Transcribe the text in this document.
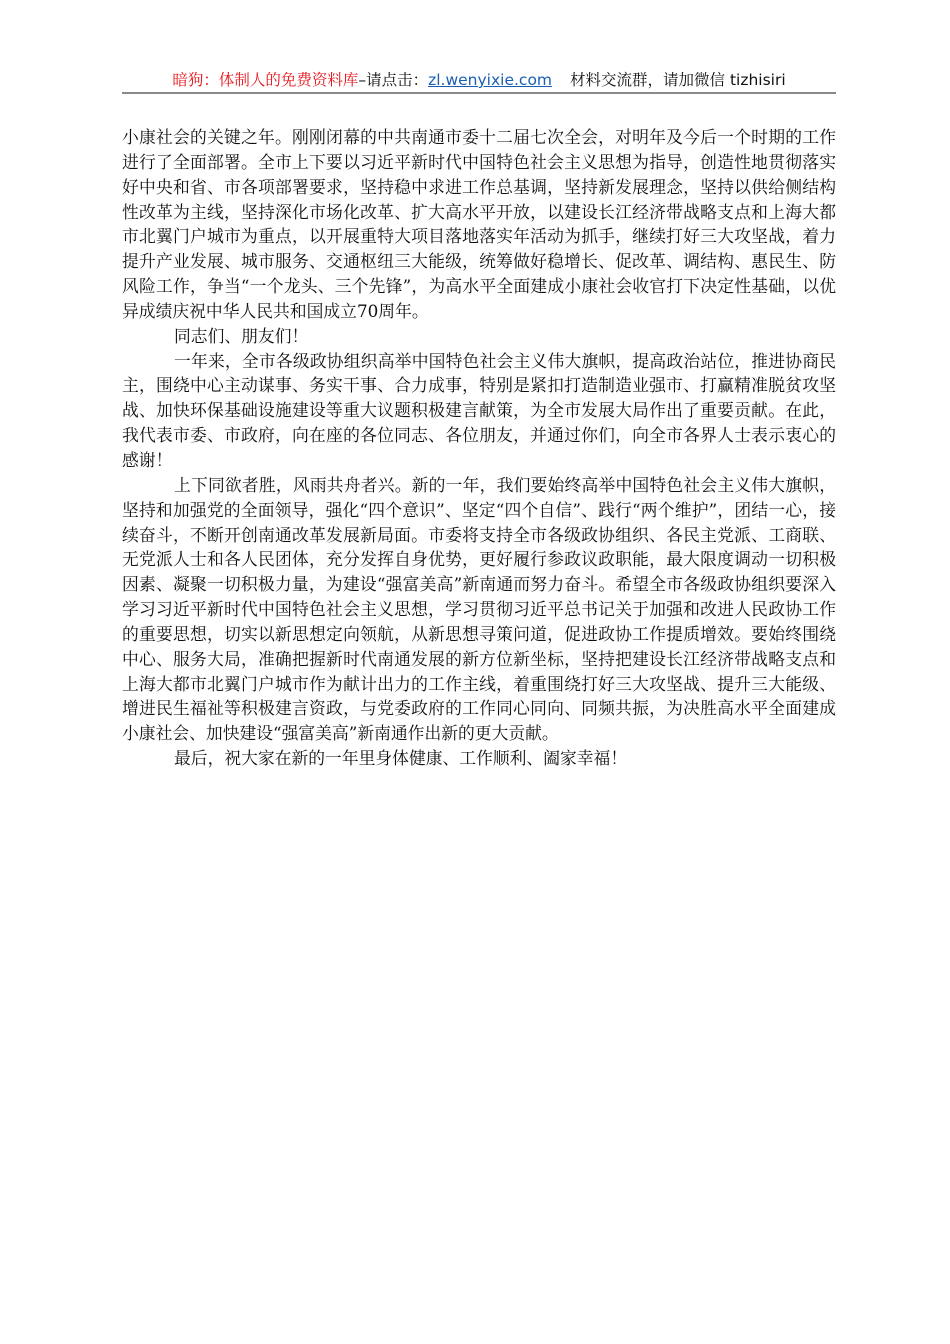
暗狗：体制人的免费资料库–请点击：zl.wenyixie.com 材料交流群，请加微信 tizhisiri

小康社会的关键之年。刚刚闭幕的中共南通市委十二届七次全会，对明年及今后一个时期的工作进行了全面部署。全市上下要以习近平新时代中国特色社会主义思想为指导，创造性地贯彻落实好中央和省、市各项部署要求，坚持稳中求进工作总基调，坚持新发展理念，坚持以供给侧结构性改革为主线，坚持深化市场化改革、扩大高水平开放，以建设长江经济带战略支点和上海大都市北翼门户城市为重点，以开展重特大项目落地落实年活动为抓手，继续打好三大攻坚战，着力提升产业发展、城市服务、交通枢纽三大能级，统筹做好稳增长、促改革、调结构、惠民生、防风险工作，争当“一个龙头、三个先锋”，为高水平全面建成小康社会收官打下决定性基础，以优异成绩庆祝中华人民共和国成立70周年。

同志们、朋友们！

一年来，全市各级政协组织高举中国特色社会主义伟大旗帜，提高政治站位，推进协商民主，围绕中心主动谋事、务实干事、合力成事，特别是紧扣打造制造业强市、打赢精准脱贫攻坚战、加快环保基础设施建设等重大议题积极建言献策，为全市发展大局作出了重要贡献。在此，我代表市委、市政府，向在座的各位同志、各位朋友，并通过你们，向全市各界人士表示衷心的感谢！

上下同欲者胜，风雨共舟者兴。新的一年，我们要始终高举中国特色社会主义伟大旗帜，坚持和加强党的全面领导，强化“四个意识”、坚定“四个自信”、践行“两个维护”，团结一心，接续奋斗，不断开创南通改革发展新局面。市委将支持全市各级政协组织、各民主党派、工商联、无党派人士和各人民团体，充分发挥自身优势，更好履行参政议政职能，最大限度调动一切积极因素、凝聚一切积极力量，为建设“强富美高”新南通而努力奋斗。希望全市各级政协组织要深入学习习近平新时代中国特色社会主义思想，学习贯彻习近平总书记关于加强和改进人民政协工作的重要思想，切实以新思想定向领航，从新思想寻策问道，促进政协工作提质增效。要始终围绕中心、服务大局，准确把握新时代南通发展的新方位新坐标，坚持把建设长江经济带战略支点和上海大都市北翼门户城市作为献计出力的工作主线，着重围绕打好三大攻坚战、提升三大能级、增进民生福祉等积极建言资政，与党委政府的工作同心同向、同频共振，为决胜高水平全面建成小康社会、加快建设“强富美高”新南通作出新的更大贡献。

最后，祝大家在新的一年里身体健康、工作顺利、阖家幸福！
